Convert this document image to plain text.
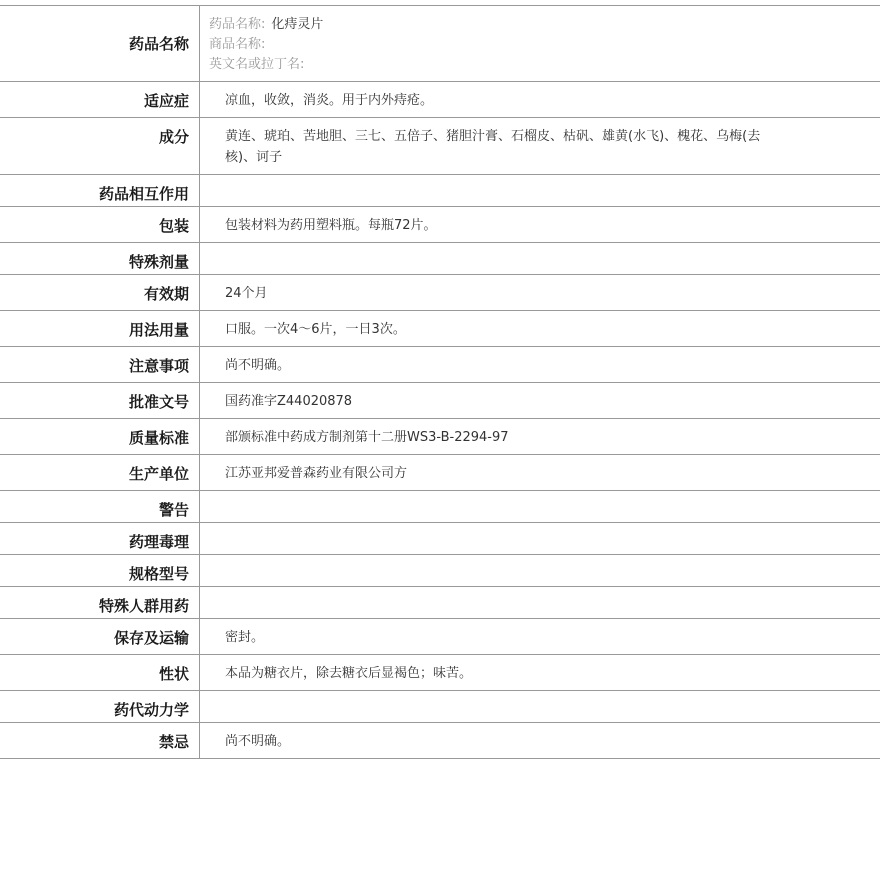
药品名称
药品名称: 化痔灵片
商品名称:
英文名或拉丁名:
适应症	凉血，收敛，消炎。用于内外痔疮。
成分	黄连、琥珀、苦地胆、三七、五倍子、猪胆汁膏、石榴皮、枯矾、雄黄(水飞)、槐花、乌梅(去核)、诃子
药品相互作用
包装	包装材料为药用塑料瓶。每瓶72片。
特殊剂量
有效期	24个月
用法用量	口服。一次4～6片，一日3次。
注意事项	尚不明确。
批准文号	国药准字Z44020878
质量标准	部颁标准中药成方制剂第十二册WS3-B-2294-97
生产单位	江苏亚邦爱普森药业有限公司方
警告
药理毒理
规格型号
特殊人群用药
保存及运输	密封。
性状	本品为糖衣片，除去糖衣后显褐色；味苦。
药代动力学
禁忌	尚不明确。
